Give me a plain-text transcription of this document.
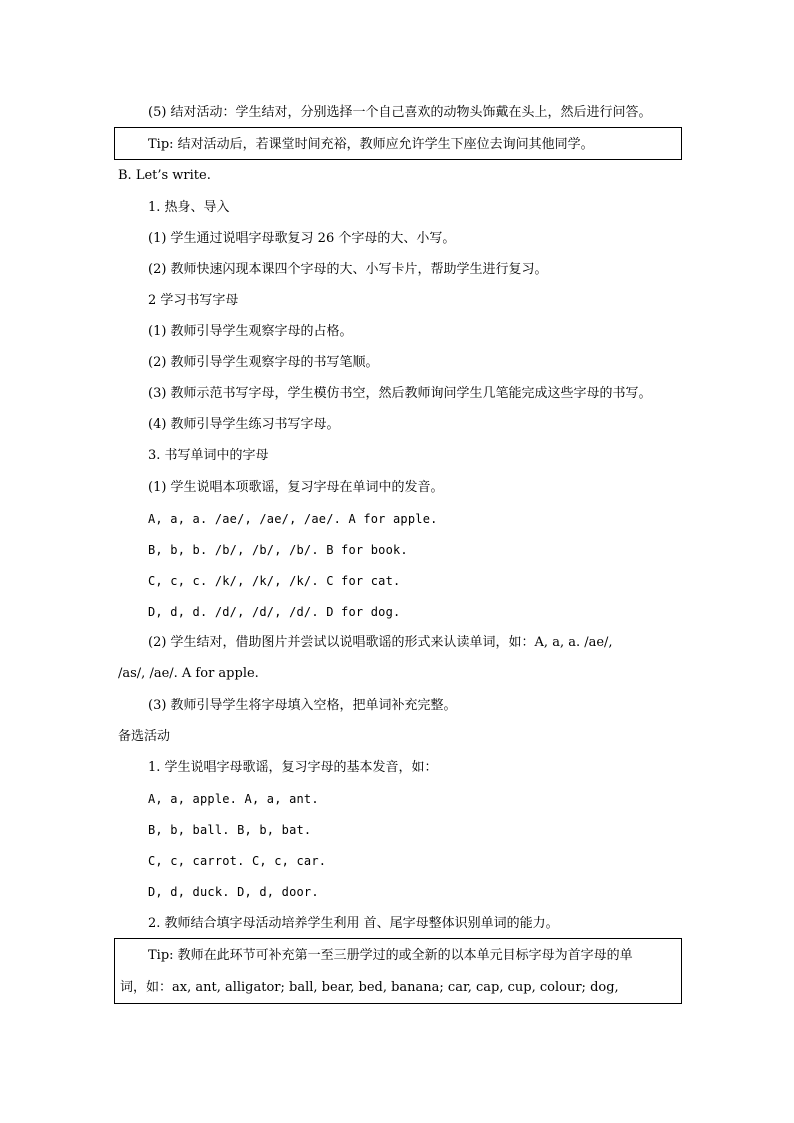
(5) 结对活动：学生结对，分别选择一个自己喜欢的动物头饰戴在头上，然后进行问答。
Tip: 结对活动后，若课堂时间充裕，教师应允许学生下座位去询问其他同学。
B. Let’s write.
1. 热身、导入
(1) 学生通过说唱字母歌复习 26 个字母的大、小写。
(2) 教师快速闪现本课四个字母的大、小写卡片，帮助学生进行复习。
2 学习书写字母
(1) 教师引导学生观察字母的占格。
(2) 教师引导学生观察字母的书写笔顺。
(3) 教师示范书写字母，学生模仿书空，然后教师询问学生几笔能完成这些字母的书写。
(4) 教师引导学生练习书写字母。
3. 书写单词中的字母
(1) 学生说唱本项歌谣，复习字母在单词中的发音。
A, a, a. /ae/, /ae/, /ae/. A for apple.
B, b, b. /b/, /b/, /b/. B for book.
C, c, c. /k/, /k/, /k/. C for cat.
D, d, d. /d/, /d/, /d/. D for dog.
(2) 学生结对，借助图片并尝试以说唱歌谣的形式来认读单词，如：A, a, a. /ae/,
/as/, /ae/. A for apple.
(3) 教师引导学生将字母填入空格，把单词补充完整。
备选活动
1. 学生说唱字母歌谣，复习字母的基本发音，如：
A, a, apple. A, a, ant.
B, b, ball. B, b, bat.
C, c, carrot. C, c, car.
D, d, duck. D, d, door.
2. 教师结合填字母活动培养学生利用 首、尾字母整体识别单词的能力。
Tip: 教师在此环节可补充第一至三册学过的或全新的以本单元目标字母为首字母的单
词，如：ax, ant, alligator; ball, bear, bed, banana; car, cap, cup, colour; dog,
